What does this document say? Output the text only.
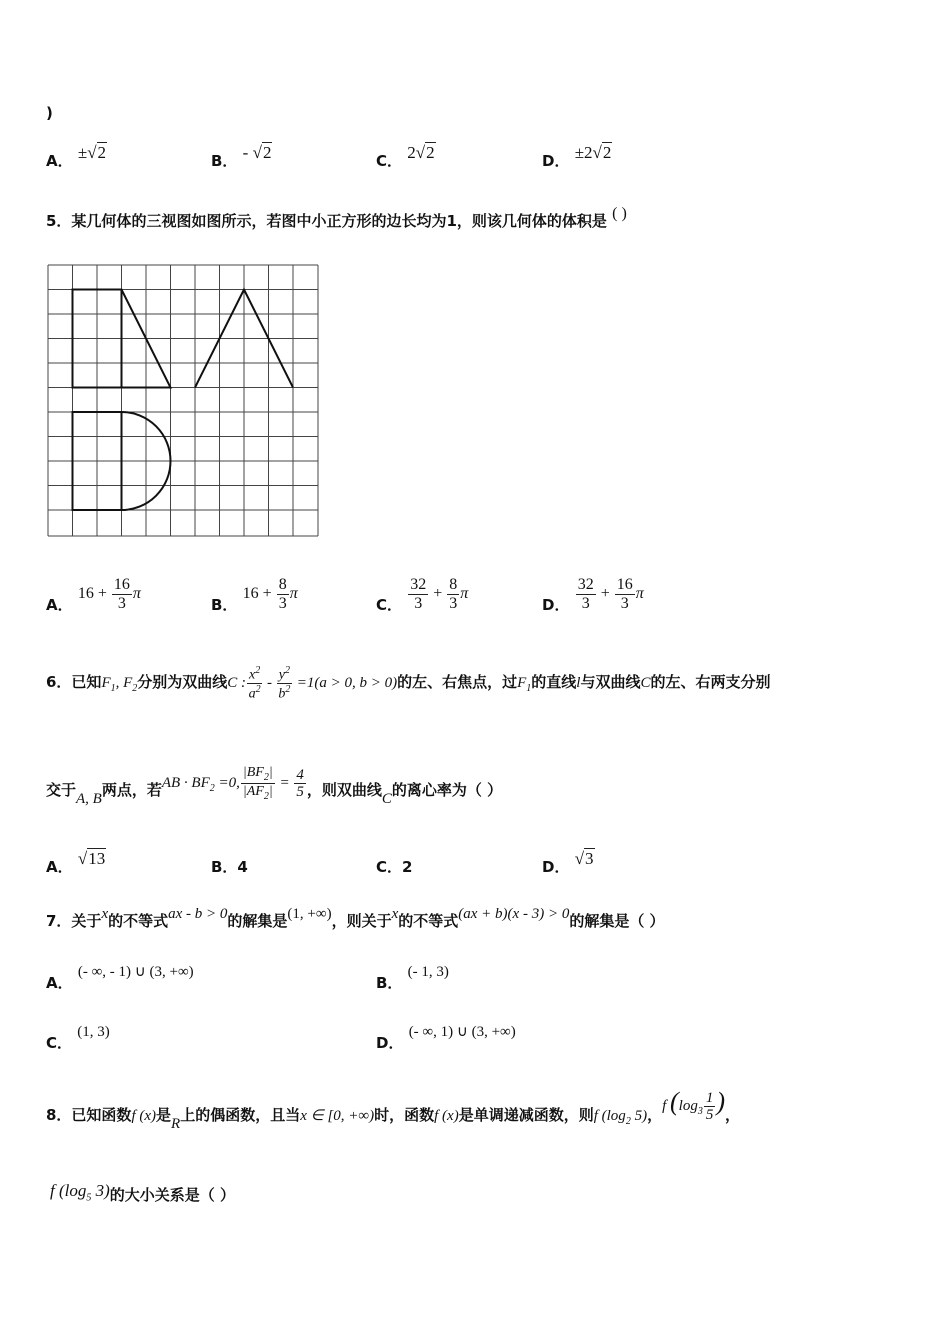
)
A． ±√2	B． - √2	C． 2√2	D． ±2√2
5．某几何体的三视图如图所示，若图中小正方形的边长均为1，则该几何体的体积是 ( )
A． $16 + \frac{16}{3}$ π
B． $16 + \frac{8}{3}$ π
C． $\frac{32}{3} + \frac{8}{3}$ π
D． $\frac{32}{3} + \frac{16}{3}$ π
6．已知$F_1$, $F_2$分别为双曲线C : $\frac{x^2}{a^2} - \frac{y^2}{b^2} =1(a > 0$, b > 0)的左、右焦点，过$F_1$的直线l与双曲线C的左、右两支分别
交于A, B两点，若AB · $BF_2 =0$, $\frac{|BF_2|}{|AF_2|} = \frac{4}{5}$ ，则双曲线C的离心率为（ ）
A． √13	B．4	C．2	D． √3
7．关于x的不等式ax - b > 0的解集是(1, +∞)，则关于x的不等式(ax + b)(x - 3) > 0的解集是（ ）
A． (- ∞, - 1) ∪ (3, +∞)
B． (- 1, 3)
C． (1, 3)
D． (- ∞, 1) ∪ (3, +∞)
8．已知函数f (x)是R上的偶函数，且当x ∈ [0, +∞)时，函数f (x)是单调递减函数，则f ($\log_2$ 5)，f ($\log_3 \frac{1}{5}$ )，
f ($\log_5$ 3)的大小关系是（ ）
